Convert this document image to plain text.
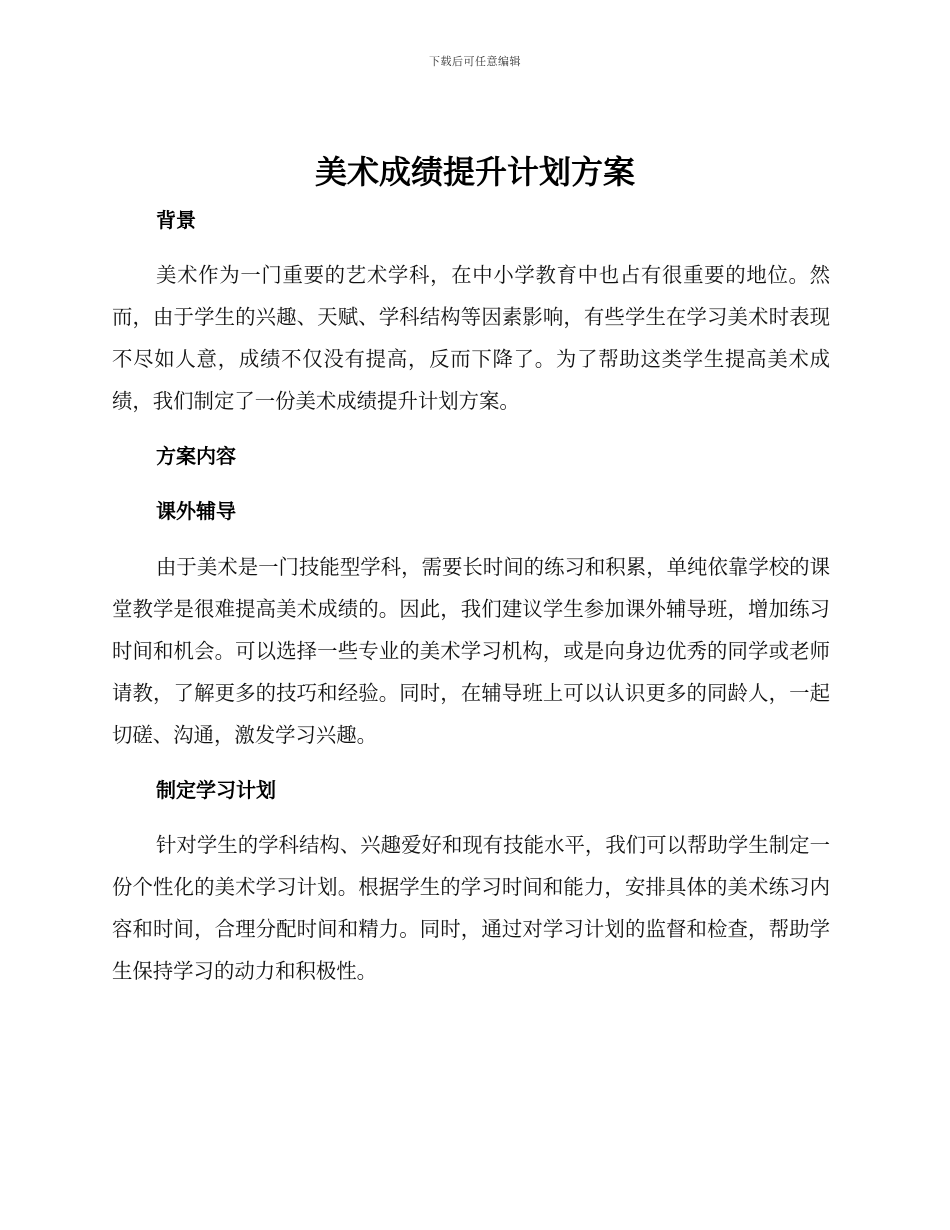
下载后可任意编辑
美术成绩提升计划方案
背景

美术作为一门重要的艺术学科，在中小学教育中也占有很重要的地位。然而，由于学生的兴趣、天赋、学科结构等因素影响，有些学生在学习美术时表现不尽如人意，成绩不仅没有提高，反而下降了。为了帮助这类学生提高美术成绩，我们制定了一份美术成绩提升计划方案。

方案内容
课外辅导

由于美术是一门技能型学科，需要长时间的练习和积累，单纯依靠学校的课堂教学是很难提高美术成绩的。因此，我们建议学生参加课外辅导班，增加练习时间和机会。可以选择一些专业的美术学习机构，或是向身边优秀的同学或老师请教，了解更多的技巧和经验。同时，在辅导班上可以认识更多的同龄人，一起切磋、沟通，激发学习兴趣。

制定学习计划

针对学生的学科结构、兴趣爱好和现有技能水平，我们可以帮助学生制定一份个性化的美术学习计划。根据学生的学习时间和能力，安排具体的美术练习内容和时间，合理分配时间和精力。同时，通过对学习计划的监督和检查，帮助学生保持学习的动力和积极性。
